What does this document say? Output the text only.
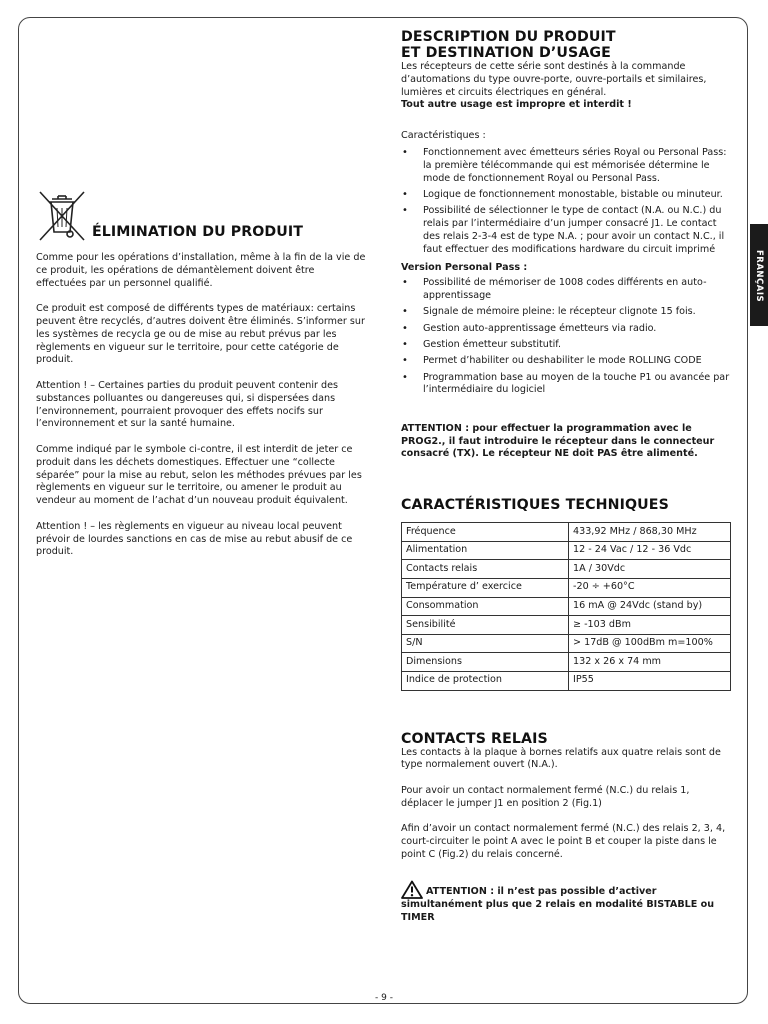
ÉLIMINATION DU PRODUIT

Comme pour les opérations d’installation, même à la fin de la vie de ce produit, les opérations de démantèlement doivent être effectuées par un personnel qualifié.

Ce produit est composé de différents types de matériaux: certains peuvent être recyclés, d’autres doivent être éliminés. S’informer sur les systèmes de recycla ge ou de mise au rebut prévus par les règlements en vigueur sur le territoire, pour cette catégorie de produit.

Attention ! – Certaines parties du produit peuvent contenir des substances polluantes ou dangereuses qui, si dispersées dans l’environnement, pourraient provoquer des effets nocifs sur l’environnement et sur la santé humaine.

Comme indiqué par le symbole ci-contre, il est interdit de jeter ce produit dans les déchets domestiques. Effectuer une “collecte séparée” pour la mise au rebut, selon les méthodes prévues par les règlements en vigueur sur le territoire, ou amener le produit au vendeur au moment de l’achat d’un nouveau produit équivalent.

Attention ! – les règlements en vigueur au niveau local peuvent prévoir de lourdes sanctions en cas de mise au rebut abusif de ce produit.

DESCRIPTION DU PRODUIT
ET DESTINATION D’USAGE

Les récepteurs de cette série sont destinés à la commande d’automations du type ouvre-porte, ouvre-portails et similaires, lumières et circuits électriques en général.

Tout autre usage est impropre et interdit !

Caractéristiques :

• Fonctionnement avec émetteurs séries Royal ou Personal Pass: la première télécommande qui est mémorisée détermine le mode de fonctionnement Royal ou Personal Pass.
• Logique de fonctionnement monostable, bistable ou minuteur.
• Possibilité de sélectionner le type de contact (N.A. ou N.C.) du relais par l’intermédiaire d’un jumper consacré J1. Le contact des relais 2-3-4 est de type N.A. ; pour avoir un contact N.C., il faut effectuer des modifications hardware du circuit imprimé

Version Personal Pass :

• Possibilité de mémoriser de 1008 codes différents en auto-apprentissage
• Signale de mémoire pleine: le récepteur clignote 15 fois.
• Gestion auto-apprentissage émetteurs via radio.
• Gestion émetteur substitutif.
• Permet d’habiliter ou deshabiliter le mode ROLLING CODE
• Programmation base au moyen de la touche P1 ou avancée par l’intermédiaire du logiciel

ATTENTION : pour effectuer la programmation avec le PROG2., il faut introduire le récepteur dans le connecteur consacré (TX). Le récepteur NE doit PAS être alimenté.

CARACTÉRISTIQUES TECHNIQUES
Fréquence	433,92 MHz / 868,30 MHz
Alimentation	12 - 24 Vac / 12 - 36 Vdc
Contacts relais	1A / 30Vdc
Température d’ exercice	-20 ÷ +60°C
Consommation	16 mA @ 24Vdc (stand by)
Sensibilité	≥ -103 dBm
S/N	> 17dB @ 100dBm m=100%
Dimensions	132 x 26 x 74 mm
Indice de protection	IP55
CONTACTS RELAIS

Les contacts à la plaque à bornes relatifs aux quatre relais sont de type normalement ouvert (N.A.).

Pour avoir un contact normalement fermé (N.C.) du relais 1, déplacer le jumper J1 en position 2 (Fig.1)

Afin d’avoir un contact normalement fermé (N.C.) des relais 2, 3, 4, court-circuiter le point A avec le point B et couper la piste dans le point C (Fig.2) du relais concerné.

ATTENTION : il n’est pas possible d’activer

simultanément plus que 2 relais en modalité BISTABLE ou TIMER

FRANÇAIS
- 9 -
